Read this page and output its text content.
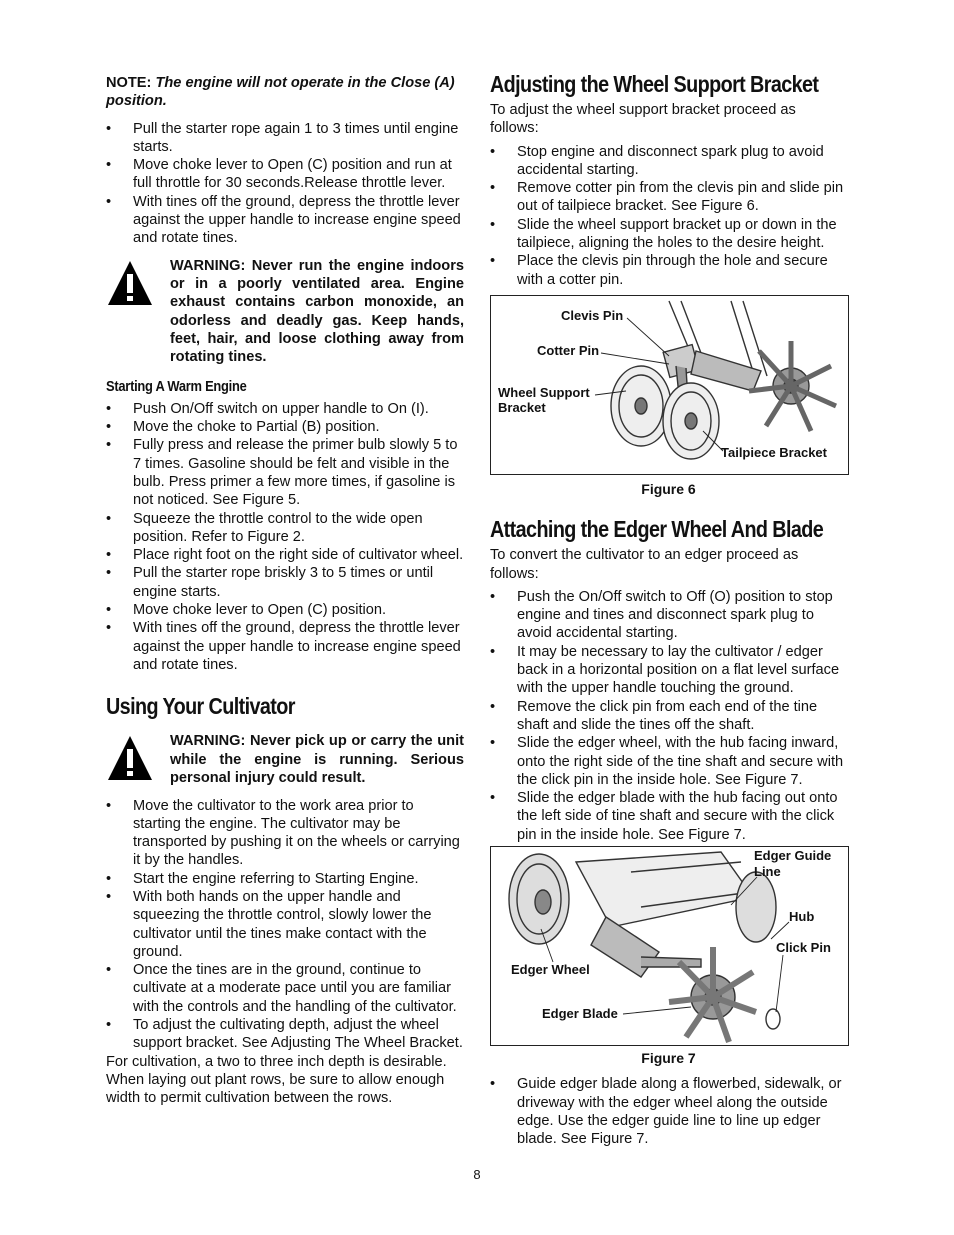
NOTE: The engine will not operate in the Close (A) position.

• Pull the starter rope again 1 to 3 times until engine starts.
• Move choke lever to Open (C) position and run at full throttle for 30 seconds.Release throttle lever.
• With tines off the ground, depress the throttle lever against the upper handle to increase engine speed and rotate tines.

WARNING: Never run the engine indoors or in a poorly ventilated area. Engine exhaust contains carbon monoxide, an odorless and deadly gas. Keep hands, feet, hair, and loose clothing away from rotating tines.

Starting A Warm Engine
• Push On/Off switch on upper handle to On (I).
• Move the choke to Partial (B) position.
• Fully press and release the primer bulb slowly 5 to 7 times. Gasoline should be felt and visible in the bulb. Press primer a few more times, if gasoline is not noticed. See Figure 5.
• Squeeze the throttle control to the wide open position. Refer to Figure 2.
• Place right foot on the right side of cultivator wheel.
• Pull the starter rope briskly 3 to 5 times or until engine starts.
• Move choke lever to Open (C) position.
• With tines off the ground, depress the throttle lever against the upper handle to increase engine speed and rotate tines.
Using Your Cultivator

WARNING: Never pick up or carry the unit while the engine is running. Serious personal injury could result.

• Move the cultivator to the work area prior to starting the engine. The cultivator may be transported by pushing it on the wheels or carrying it by the handles.
• Start the engine referring to Starting Engine.
• With both hands on the upper handle and squeezing the throttle control, slowly lower the cultivator until the tines make contact with the ground.
• Once the tines are in the ground, continue to cultivate at a moderate pace until you are familiar with the controls and the handling of the cultivator.
• To adjust the cultivating depth, adjust the wheel support bracket. See Adjusting The Wheel Bracket.

For cultivation, a two to three inch depth is desirable. When laying out plant rows, be sure to allow enough width to permit cultivation between the rows.

Adjusting the Wheel Support Bracket

To adjust the wheel support bracket proceed as follows:

• Stop engine and disconnect spark plug to avoid accidental starting.
• Remove cotter pin from the clevis pin and slide pin out of tailpiece bracket. See Figure 6.
• Slide the wheel support bracket up or down in the tailpiece, aligning the holes to the desire height.
• Place the clevis pin through the hole and secure with a cotter pin.
Clevis Pin
Cotter Pin
Wheel Support
Bracket
Tailpiece Bracket

Figure 6

Attaching the Edger Wheel And Blade

To convert the cultivator to an edger proceed as follows:

• Push the On/Off switch to Off (O) position to stop engine and tines and disconnect spark plug to avoid accidental starting.
• It may be necessary to lay the cultivator / edger back in a horizontal position on a flat level surface with the upper handle touching the ground.
• Remove the click pin from each end of the tine shaft and slide the tines off the shaft.
• Slide the edger wheel, with the hub facing inward, onto the right side of the tine shaft and secure with the click pin in the inside hole. See Figure 7.
• Slide the edger blade with the hub facing out onto the left side of tine shaft and secure with the click pin in the inside hole. See Figure 7.
Edger Guide
Line
Hub
Click Pin
Edger Wheel
Edger Blade

Figure 7

• Guide edger blade along a flowerbed, sidewalk, or driveway with the edger wheel along the outside edge. Use the edger guide line to line up edger blade. See Figure 7.
8
